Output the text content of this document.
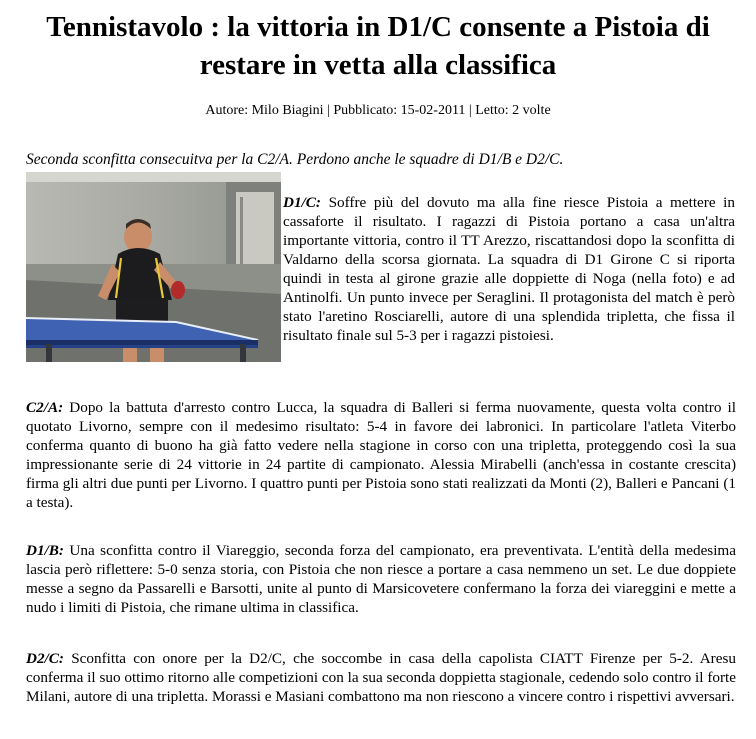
Tennistavolo : la vittoria in D1/C consente a Pistoia di restare in vetta alla classifica
Autore: Milo Biagini | Pubblicato: 15-02-2011 | Letto: 2 volte
Seconda sconfitta consecuitva per la C2/A. Perdono anche le squadre di D1/B e D2/C.

D1/C: Soffre più del dovuto ma alla fine riesce Pistoia a mettere in cassaforte il risultato. I ragazzi di Pistoia portano a casa un'altra importante vittoria, contro il TT Arezzo, riscattandosi dopo la sconfitta di Valdarno della scorsa giornata. La squadra di D1 Girone C si riporta quindi in testa al girone grazie alle doppiette di Noga (nella foto) e ad Antinolfi. Un punto invece per Seraglini. Il protagonista del match è però stato l'aretino Rosciarelli, autore di una splendida tripletta, che fissa il risultato finale sul 5-3 per i ragazzi pistoiesi.

C2/A: Dopo la battuta d'arresto contro Lucca, la squadra di Balleri si ferma nuovamente, questa volta contro il quotato Livorno, sempre con il medesimo risultato: 5-4 in favore dei labronici. In particolare l'atleta Viterbo conferma quanto di buono ha già fatto vedere nella stagione in corso con una tripletta, proteggendo così la sua impressionante serie di 24 vittorie in 24 partite di campionato. Alessia Mirabelli (anch'essa in costante crescita) firma gli altri due punti per Livorno. I quattro punti per Pistoia sono stati realizzati da Monti (2), Balleri e Pancani (1 a testa).

D1/B: Una sconfitta contro il Viareggio, seconda forza del campionato, era preventivata. L'entità della medesima lascia però riflettere: 5-0 senza storia, con Pistoia che non riesce a portare a casa nemmeno un set. Le due doppiete messe a segno da Passarelli e Barsotti, unite al punto di Marsicovetere confermano la forza dei viareggini e mette a nudo i limiti di Pistoia, che rimane ultima in classifica.

D2/C: Sconfitta con onore per la D2/C, che soccombe in casa della capolista CIATT Firenze per 5-2. Aresu conferma il suo ottimo ritorno alle competizioni con la sua seconda doppietta stagionale, cedendo solo contro il forte Milani, autore di una tripletta. Morassi e Masiani combattono ma non riescono a vincere contro i rispettivi avversari.
